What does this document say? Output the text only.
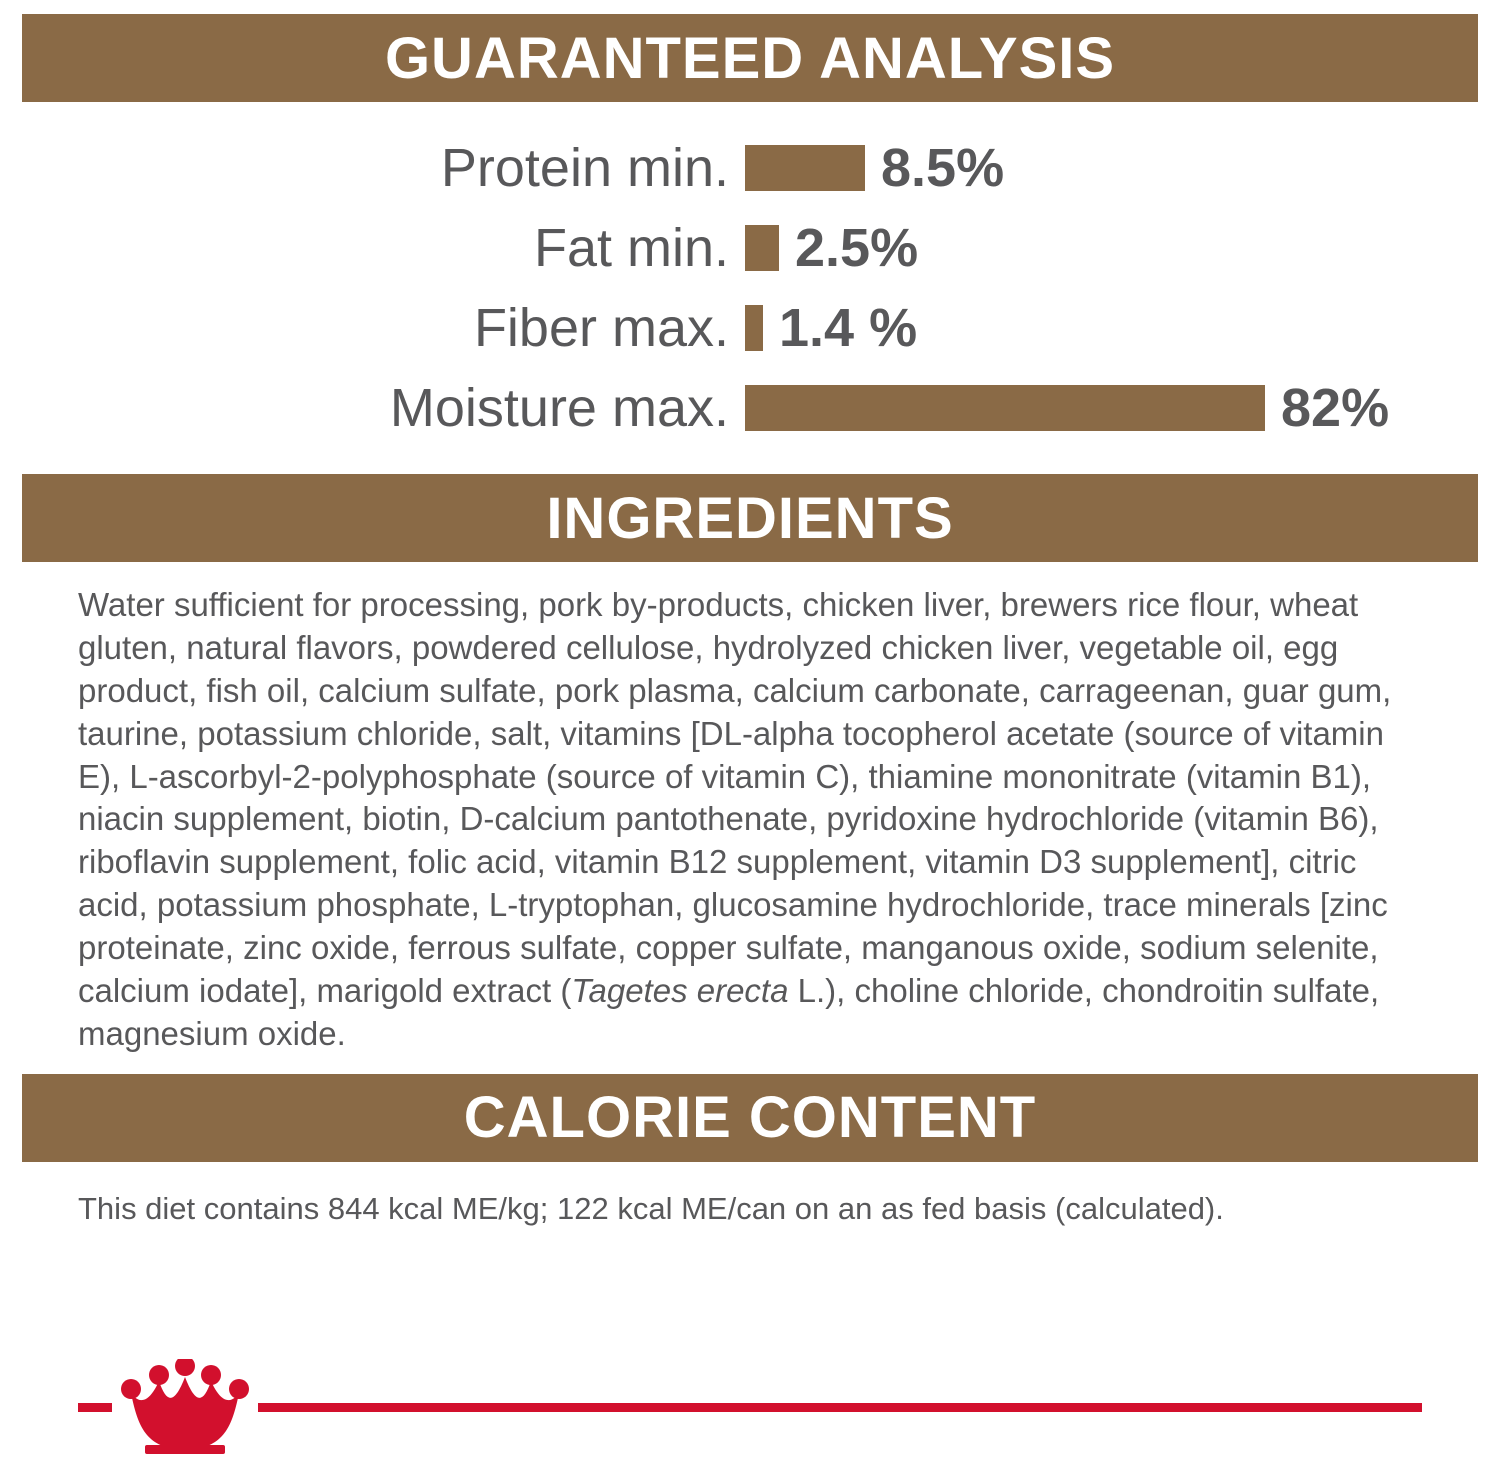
GUARANTEED ANALYSIS
Protein min.	8.5%
Fat min. 2.5%
Fiber max. 1.4 %
Moisture max.	82%
INGREDIENTS
Water sufficient for processing, pork by-products, chicken liver, brewers rice flour, wheat gluten, natural flavors, powdered cellulose, hydrolyzed chicken liver, vegetable oil, egg product, fish oil, calcium sulfate, pork plasma, calcium carbonate, carrageenan, guar gum, taurine, potassium chloride, salt, vitamins [DL-alpha tocopherol acetate (source of vitamin E), L-ascorbyl-2-polyphosphate (source of vitamin C), thiamine mononitrate (vitamin B1), niacin supplement, biotin, D-calcium pantothenate, pyridoxine hydrochloride (vitamin B6), riboflavin supplement, folic acid, vitamin B12 supplement, vitamin D3 supplement], citric acid, potassium phosphate, L-tryptophan, glucosamine hydrochloride, trace minerals [zinc proteinate, zinc oxide, ferrous sulfate, copper sulfate, manganous oxide, sodium selenite, calcium iodate], marigold extract (Tagetes erecta L.), choline chloride, chondroitin sulfate, magnesium oxide.
CALORIE CONTENT
This diet contains 844 kcal ME/kg; 122 kcal ME/can on an as fed basis (calculated).
